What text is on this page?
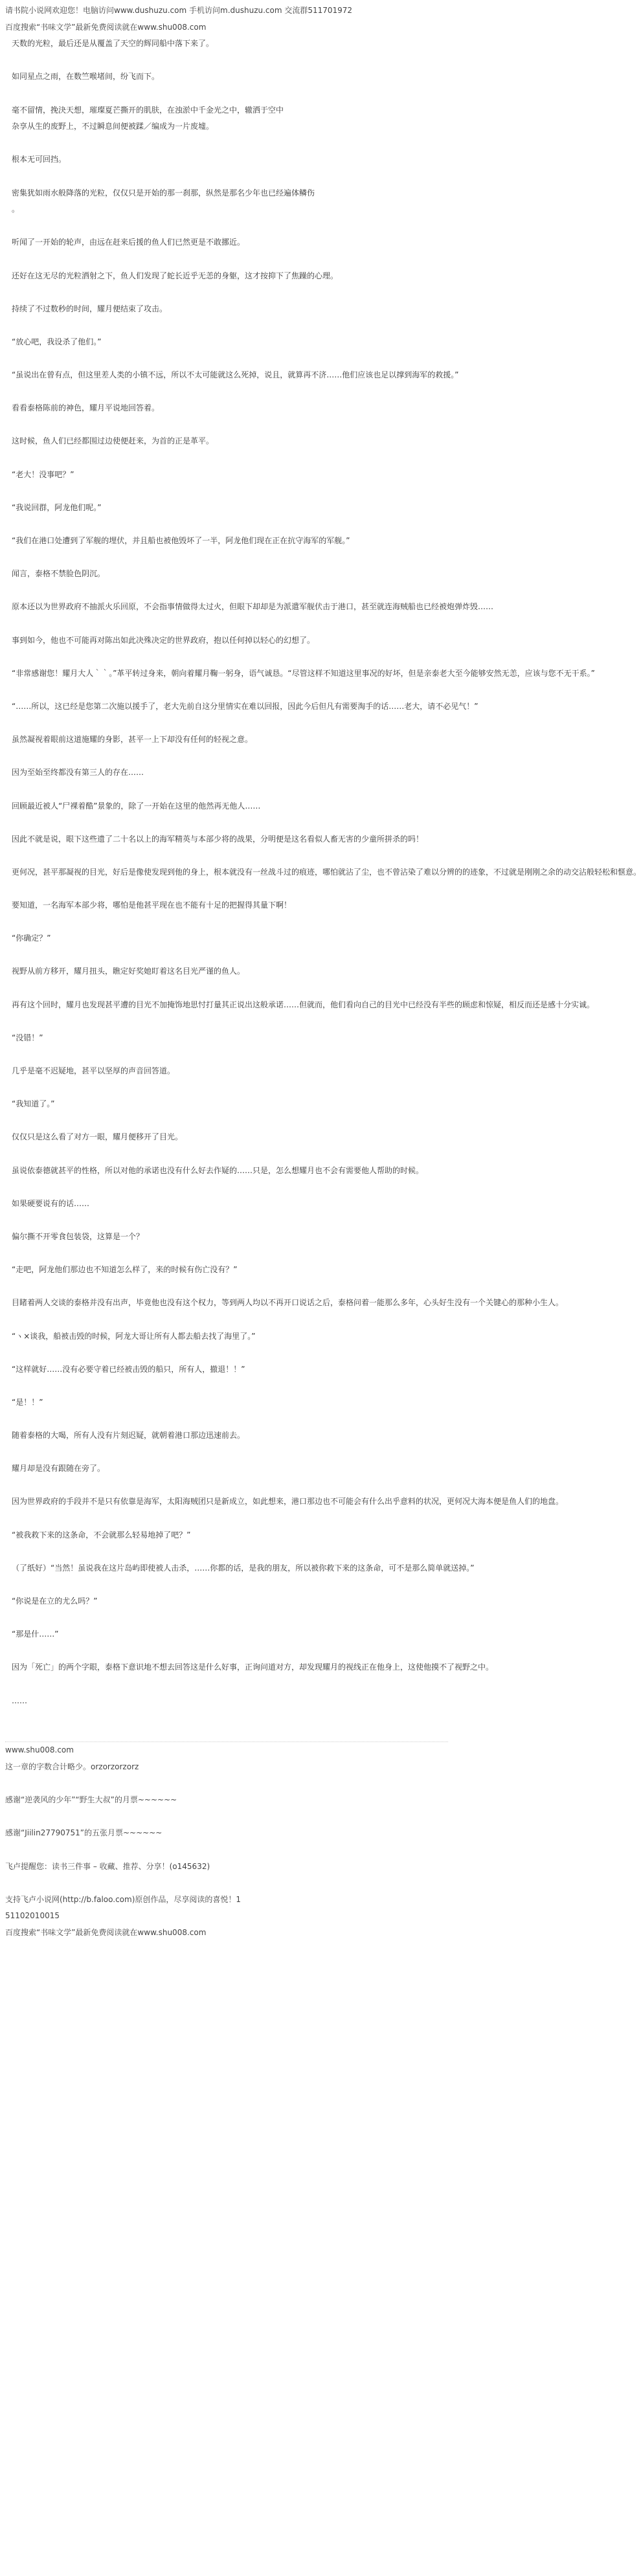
请书院小说网欢迎您！电脑访问www.dushuzu.com 手机访问m.dushuzu.com 交流群511701972
百度搜索“书味文学”最新免费阅读就在www.shu008.com
天数的光粒，最后还是从覆盖了天空的辉同船中落下来了。
如同星点之雨，在数竺喉堵间，纷飞而下。
毫不留情，挽決天想，璀璨夏芒撕开的肌肤，在浊淤中千金光之中，辙洒于空中
杂享从生的废野上，不过瞬息间便被蹂／编成为一片废墟。
根本无可回挡。
密集犹如雨水般降落的光粒，仅仅只是开始的那一刹那，纵然是那名少年也已经遍体鳞伤
。
听闻了一开始的轮声，由远在赶来后援的鱼人们已然更是不敢挪近。
还好在这无尽的光粒洒射之下，鱼人们发现了蛇长近乎无恙的身躯，这才按抑下了焦躁的心理。
持续了不过数秒的时间，耀月便结束了攻击。
“放心吧，我设杀了他们。”
“虽说出在曾有点，但这里差人类的小镇不远，所以不太可能就这么死掉，说且，就算再不济……他们应该也足以撑到海军的救援。”
看看泰格陈前的神色，耀月平说地回答着。
这时候，鱼人们已经都围过边使便赶来，为首的正是革平。
“老大！没事吧？”
“我说回群，阿龙他们呢。”
“我们在港口处遭到了军舰的埋伏，并且船也被他毁坏了一半，阿龙他们现在正在抗守海军的军舰。”
闻言，泰格不禁脸色阴沉。
原本还以为世界政府不抽派火乐回原，不会指事情做得太过火，但眼下却却是为派遣军舰伏击于港口，甚至就连海贼船也已经被炮弹炸毁……
事到如今，他也不可能再对陈出如此决殊决定的世界政府，抱以任何掉以轻心的幻想了。
“非常感谢您！耀月大人｀｀。”革平转过身来，朝向着耀月鞠一躬身，语气诚恳。“尽管这样不知道这里事况的好坏，但是亲泰老大至今能够安然无恙，应该与您不无干系。”
“……所以，这已经是您第二次施以援手了，老大先前自这分里情实在难以回报，因此今后但凡有需要淘手的话……老大，请不必见气！”
虽然凝视着眼前这道施耀的身影，甚平一上下却没有任何的轻视之意。
因为至始至终都没有第三人的存在……
回顾最近被人“尸裸着酷”景象的，除了一开始在这里的他然再无他人……
因此不就是说，眼下这些遗了二十名以上的海军精英与本部少将的战果，分明便是这名看似人畜无害的少童所拼杀的吗！
更何况，甚平那凝视的目光，好后是像使发现到他的身上，根本就没有一丝战斗过的痕迹，哪怕就沾了尘，也不曾沾染了难以分辨的的迹象，不过就是刚刚之余的动交沾般轻松和惬意。
要知道，一名海军本部少将，哪怕是他甚平现在也不能有十足的把握得其量下啊！
“你确定？”
视野从前方移开，耀月扭头，瞧定好奖她盯着这名目光严谨的鱼人。
再有这个回时，耀月也发现甚平遭的目光不加掩饰地思忖打量其正说出这般承诺……但就而，他们看向自己的目光中已经没有半些的顾虑和惊疑，相反而还是感十分实诚。
“没错！”
几乎是毫不迟疑地，甚平以坚厚的声音回答道。
“我知道了。”
仅仅只是这么看了对方一眼，耀月便移开了目光。
虽说依泰德就甚平的性格，所以对他的承诺也没有什么好去作疑的……只是，怎么想耀月也不会有需要他人帮助的时候。
如果硬要说有的话……
偏尔撕不开零食包装袋，这算是一个？
“走吧，阿龙他们那边也不知道怎么样了，来的时候有伤亡没有？”
目睹着两人交谈的泰格并没有出声，毕竟他也没有这个权力，等到两人均以不再开口说话之后，泰格问着一能那么多年，心头好生没有一个关键心的那种小生人。
“ヽ×谈我，船被击毁的时候，阿龙大哥让所有人都去船去找了海里了。”
“这样就好……没有必要守着已经被击毁的船只，所有人，撤退！！”
“是！！”
随着泰格的大喝，所有人没有片刻迟疑，就朝着港口那边迅速前去。
耀月却是没有跟随在旁了。
因为世界政府的手段并不是只有依靠是海军，太阳海贼团只是新成立，如此想来，港口那边也不可能会有什么出乎意料的状况，更何况大海本便是鱼人们的地盘。
“被我救下来的这条命，不会就那么轻易地掉了吧？”
（了纸好）“当然！虽说我在这片岛屿即使被人击杀，……你都的话，是我的朋友，所以被你救下来的这条命，可不是那么简单就送掉。”
“你说是在立的尤么吗？”
“那是什……”
因为「死亡」的两个字眼，泰格下意识地不想去回答这是什么好事，正询问道对方，却发现耀月的视线正在他身上，这使他摸不了视野之中。
……
www.shu008.com
这一章的字数合计略少。orzorzorzorz
感谢“逆袭风的少年”“野生大叔”的月票~~~~~~
感谢“Jiilin27790751”的五张月票~~~~~~
飞卢提醒您：读书三件事 – 收藏、推荐、分享！(o145632)
支持飞卢小说网(http://b.faloo.com)原创作品，尽享阅读的喜悦！1
51102010015
百度搜索“书味文学”最新免费阅读就在www.shu008.com
